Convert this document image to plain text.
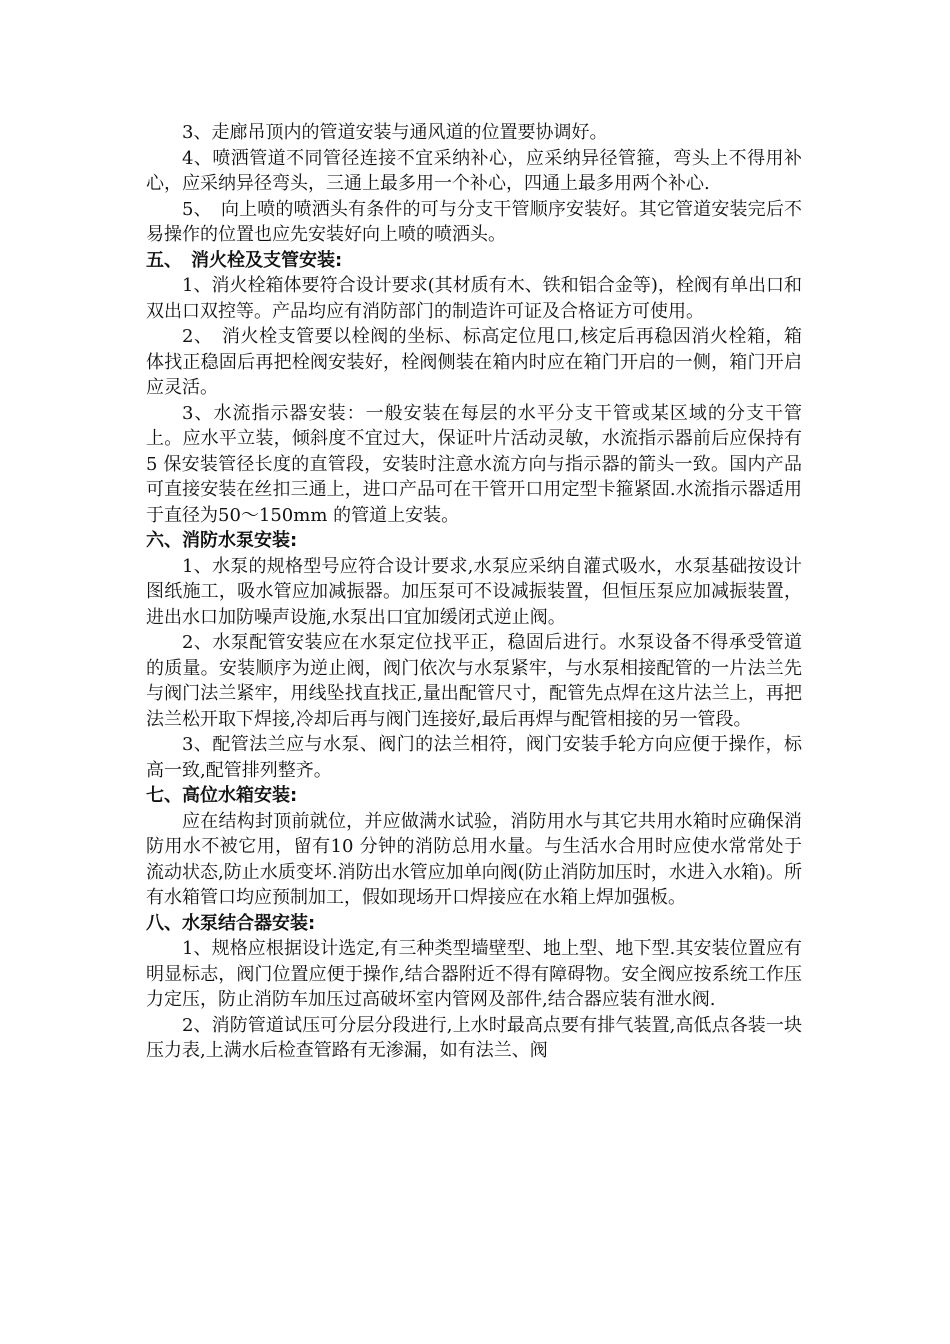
3、走廊吊顶内的管道安装与通风道的位置要协调好。

4、喷洒管道不同管径连接不宜采纳补心，应采纳异径管箍，弯头上不得用补心，应采纳异径弯头，三通上最多用一个补心，四通上最多用两个补心.

5、　向上喷的喷洒头有条件的可与分支干管顺序安装好。其它管道安装完后不易操作的位置也应先安装好向上喷的喷洒头。

五、　消火栓及支管安装:

1、消火栓箱体要符合设计要求(其材质有木、铁和铝合金等)，栓阀有单出口和双出口双控等。产品均应有消防部门的制造许可证及合格证方可使用。

2、　消火栓支管要以栓阀的坐标、标高定位甩口,核定后再稳因消火栓箱，箱体找正稳固后再把栓阀安装好，栓阀侧装在箱内时应在箱门开启的一侧，箱门开启应灵活。

3、水流指示器安装：一般安装在每层的水平分支干管或某区域的分支干管上。应水平立装，倾斜度不宜过大，保证叶片活动灵敏，水流指示器前后应保持有5 保安装管径长度的直管段，安装时注意水流方向与指示器的箭头一致。国内产品可直接安装在丝扣三通上，进口产品可在干管开口用定型卡箍紧固.水流指示器适用于直径为50～150mm 的管道上安装。

六、消防水泵安装:

1、水泵的规格型号应符合设计要求,水泵应采纳自灌式吸水，水泵基础按设计图纸施工，吸水管应加减振器。加压泵可不设减振装置，但恒压泵应加减振装置，进出水口加防噪声设施,水泵出口宜加缓闭式逆止阀。

2、水泵配管安装应在水泵定位找平正，稳固后进行。水泵设备不得承受管道的质量。安装顺序为逆止阀，阀门依次与水泵紧牢，与水泵相接配管的一片法兰先与阀门法兰紧牢，用线坠找直找正,量出配管尺寸，配管先点焊在这片法兰上，再把法兰松开取下焊接,冷却后再与阀门连接好,最后再焊与配管相接的另一管段。

3、配管法兰应与水泵、阀门的法兰相符，阀门安装手轮方向应便于操作，标高一致,配管排列整齐。

七、高位水箱安装:

应在结构封顶前就位，并应做满水试验，消防用水与其它共用水箱时应确保消防用水不被它用，留有10 分钟的消防总用水量。与生活水合用时应使水常常处于流动状态,防止水质变坏.消防出水管应加单向阀(防止消防加压时，水进入水箱)。所有水箱管口均应预制加工，假如现场开口焊接应在水箱上焊加强板。

八、水泵结合器安装:

1、规格应根据设计选定,有三种类型墙壁型、地上型、地下型.其安装位置应有明显标志，阀门位置应便于操作,结合器附近不得有障碍物。安全阀应按系统工作压力定压，防止消防车加压过高破坏室内管网及部件,结合器应装有泄水阀.

2、消防管道试压可分层分段进行,上水时最高点要有排气装置,高低点各装一块压力表,上满水后检查管路有无渗漏，如有法兰、阀
